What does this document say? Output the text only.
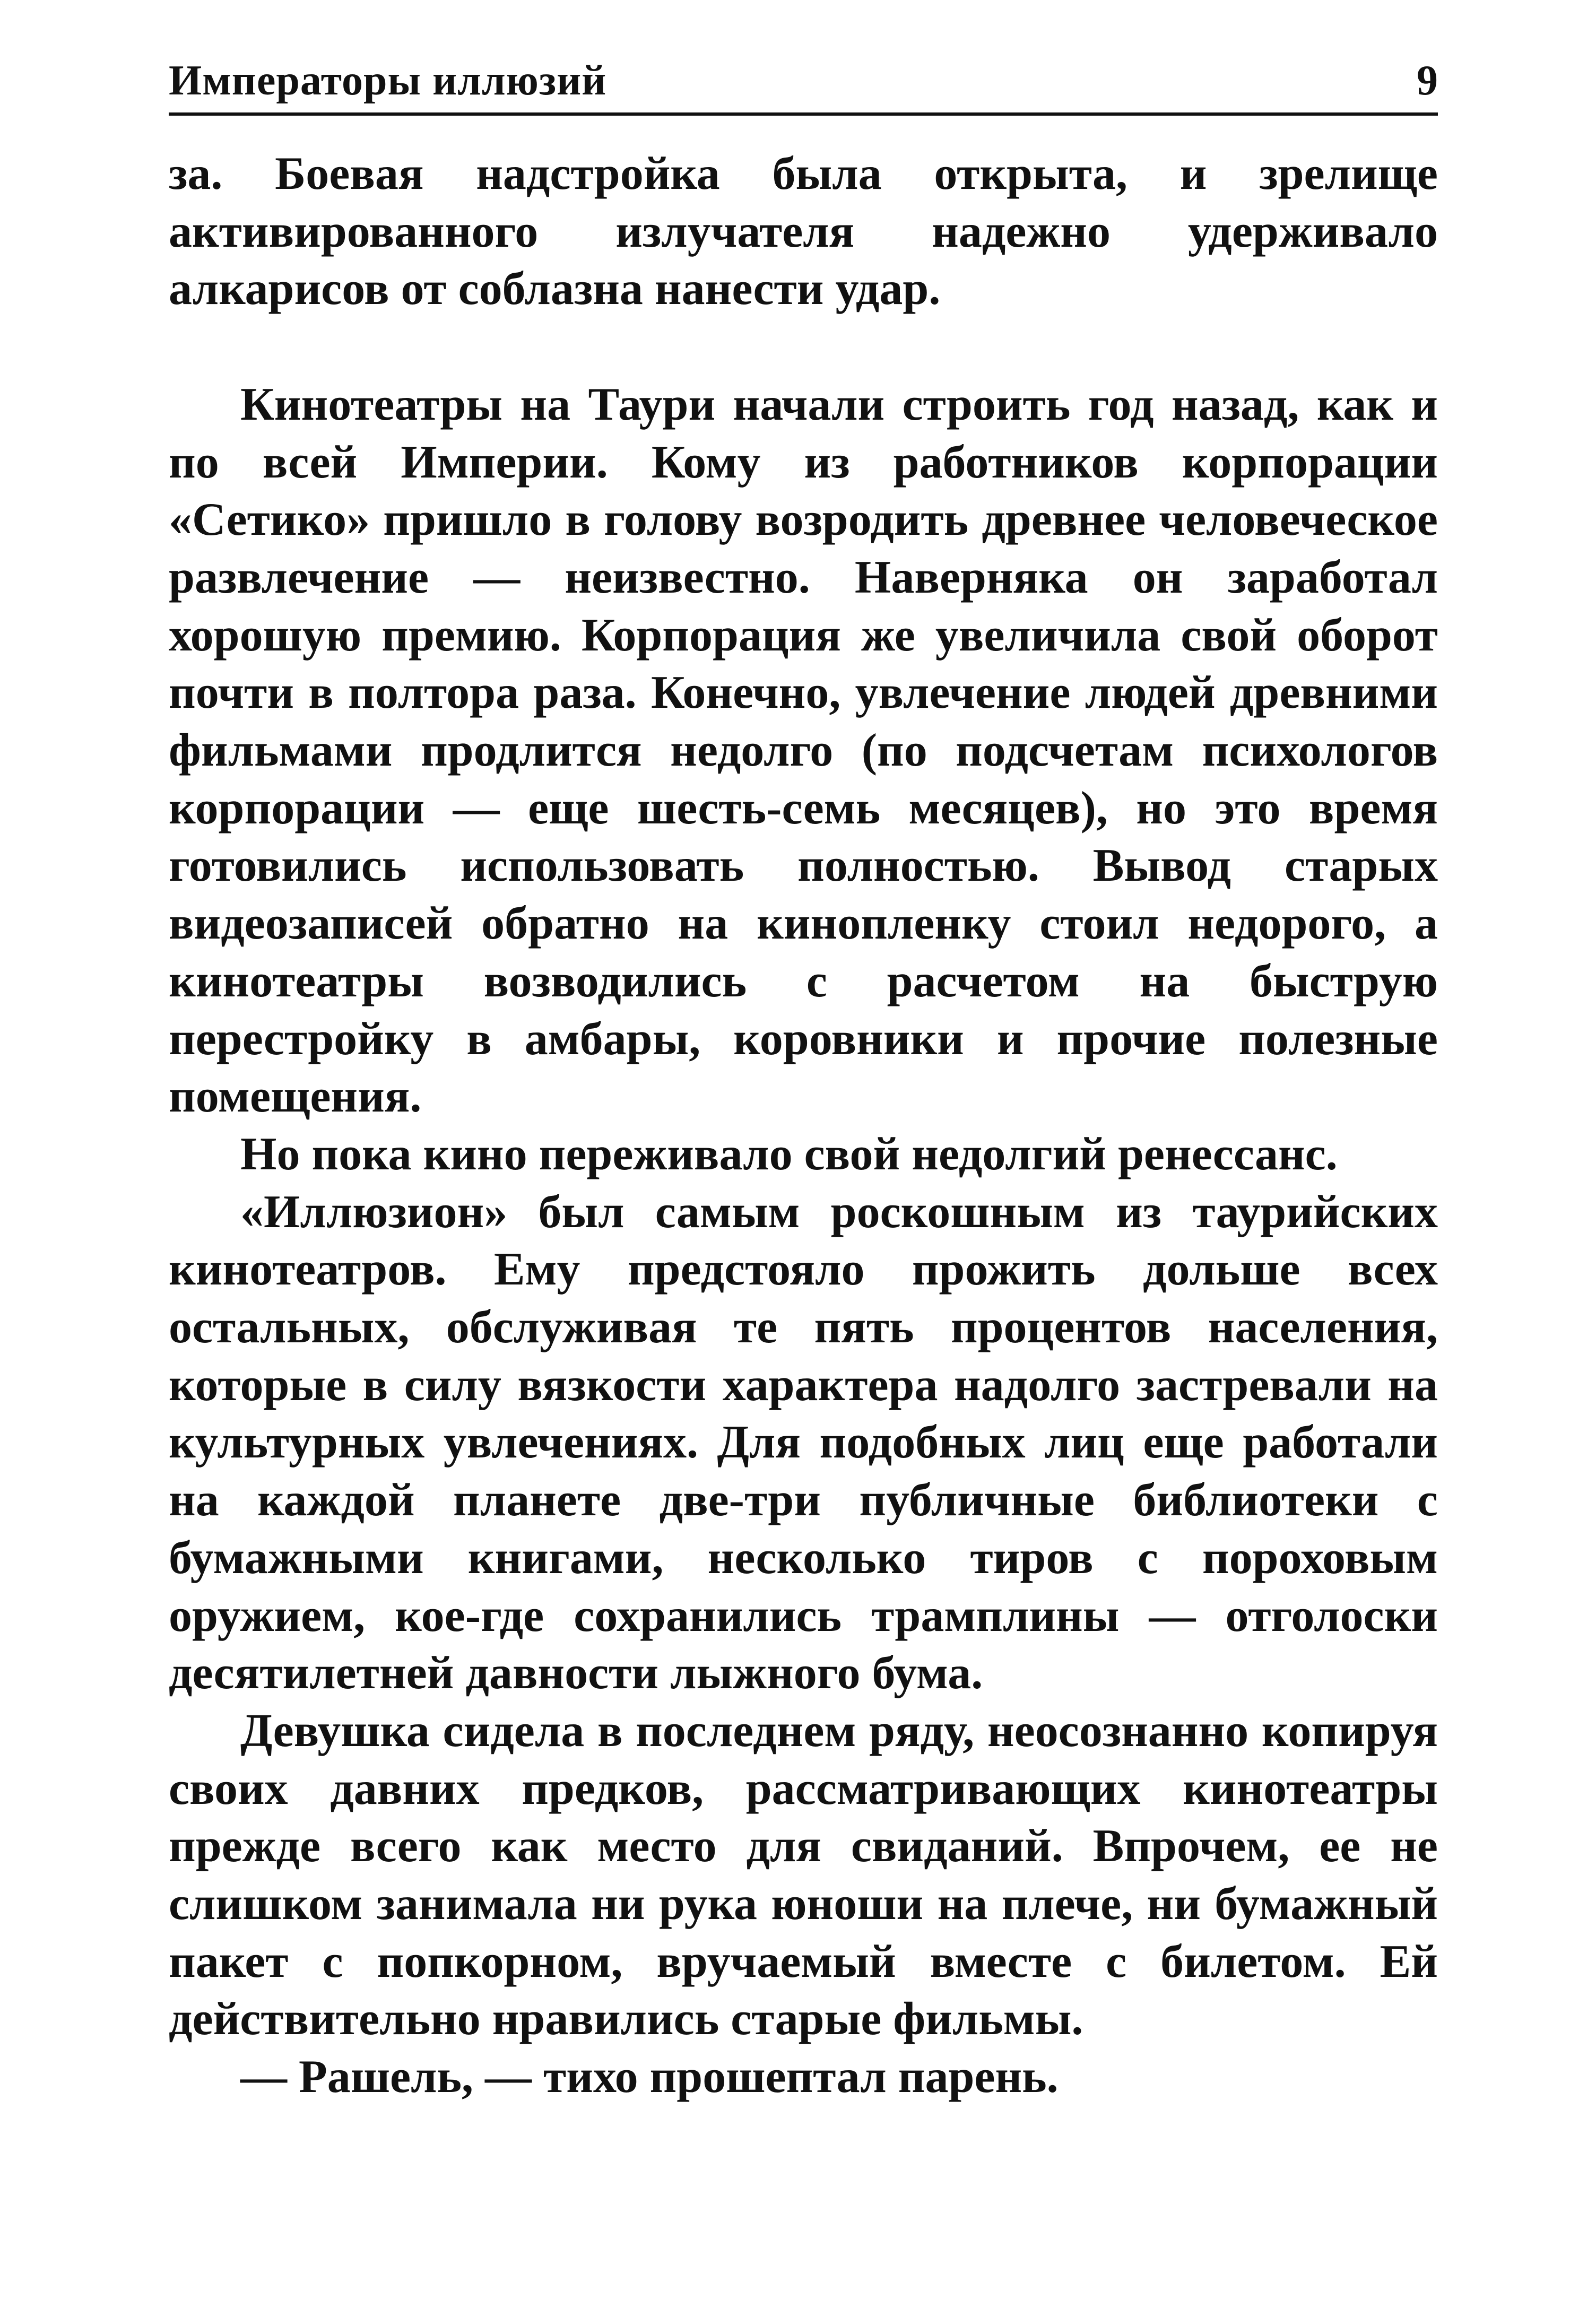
Императоры иллюзий	9

за. Боевая надстройка была открыта, и зрелище активированного излучателя надежно удерживало алкарисов от соблазна нанести удар.

Кинотеатры на Таури начали строить год назад, как и по всей Империи. Кому из работников корпорации «Сетико» пришло в голову возродить древнее человеческое развлечение — неизвестно. Наверняка он заработал хорошую премию. Корпорация же увеличила свой оборот почти в полтора раза. Конечно, увлечение людей древними фильмами продлится недолго (по подсчетам психологов корпорации — еще шесть-семь месяцев), но это время готовились использовать полностью. Вывод старых видеозаписей обратно на кинопленку стоил недорого, а кинотеатры возводились с расчетом на быструю перестройку в амбары, коровники и прочие полезные помещения.

Но пока кино переживало свой недолгий ренессанс.

«Иллюзион» был самым роскошным из таурийских кинотеатров. Ему предстояло прожить дольше всех остальных, обслуживая те пять процентов населения, которые в силу вязкости характера надолго застревали на культурных увлечениях. Для подобных лиц еще работали на каждой планете две-три публичные библиотеки с бумажными книгами, несколько тиров с пороховым оружием, кое-где сохранились трамплины — отголоски десятилетней давности лыжного бума.

Девушка сидела в последнем ряду, неосознанно копируя своих давних предков, рассматривающих кинотеатры прежде всего как место для свиданий. Впрочем, ее не слишком занимала ни рука юноши на плече, ни бумажный пакет с попкорном, вручаемый вместе с билетом. Ей действительно нравились старые фильмы.

— Рашель, — тихо прошептал парень.
